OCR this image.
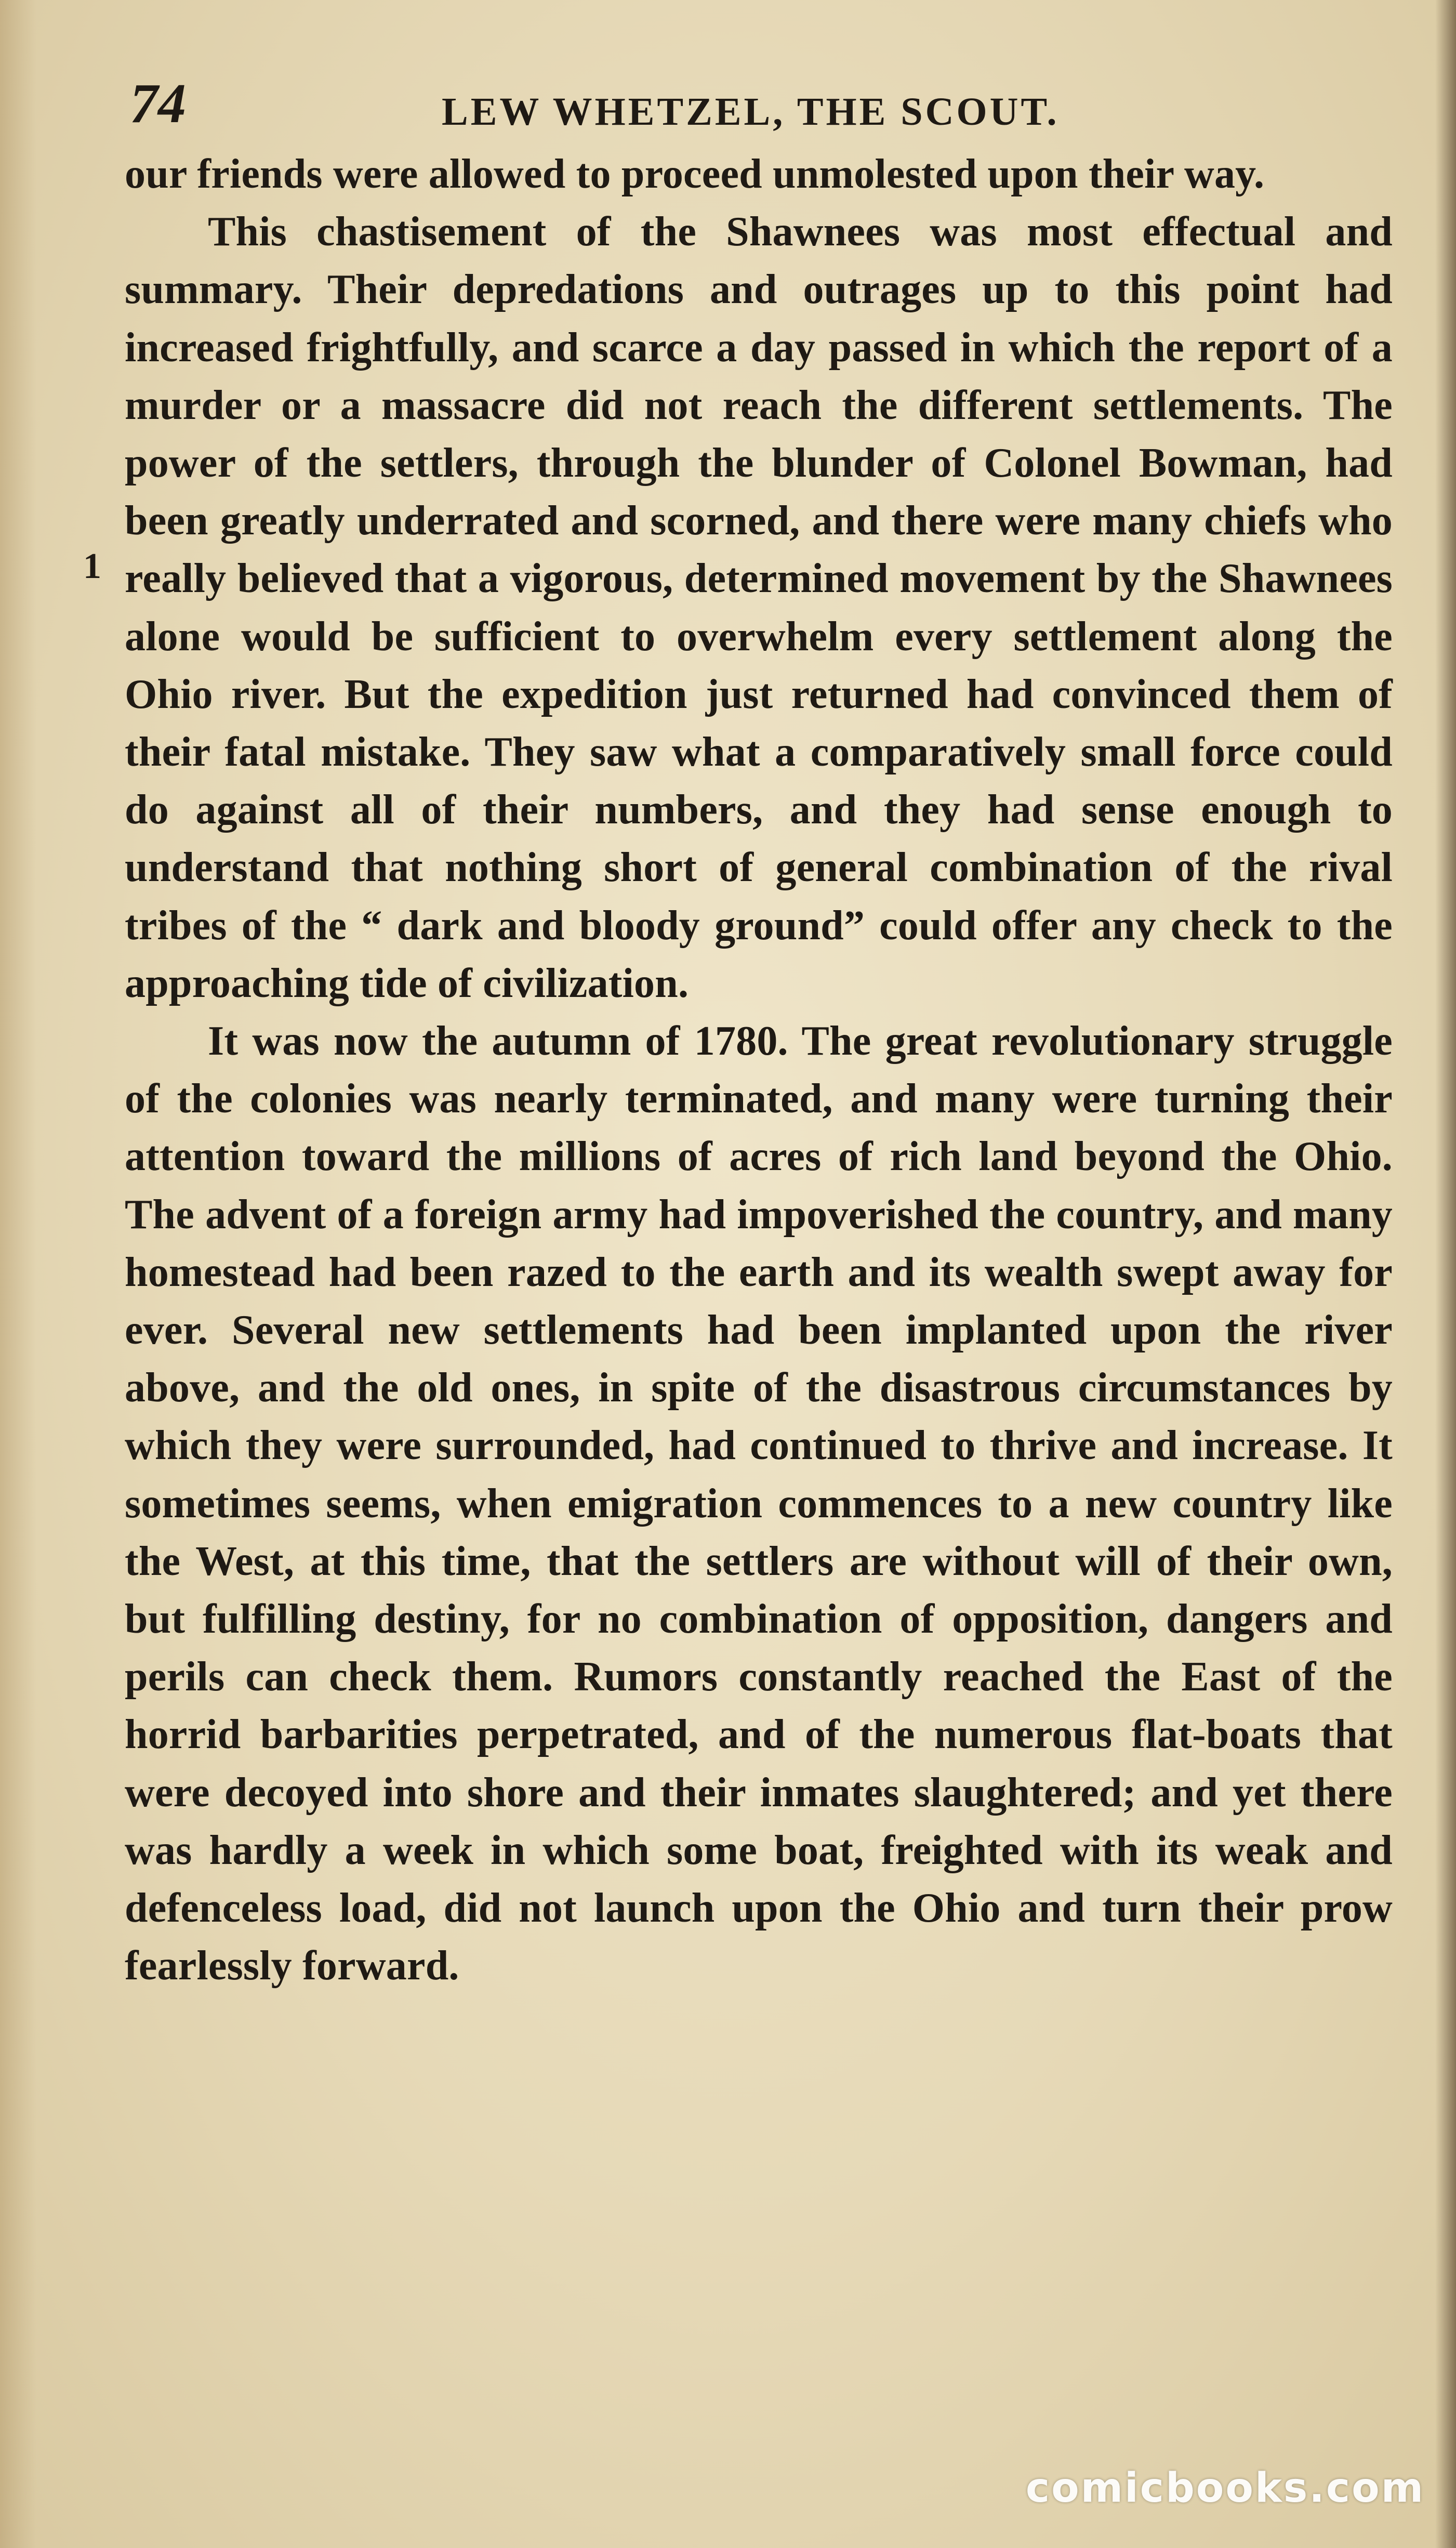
74	LEW WHETZEL, THE SCOUT.
1

our friends were allowed to proceed unmolested upon their way.

This chastisement of the Shawnees was most effectual and summary. Their depredations and outrages up to this point had increased frightfully, and scarce a day passed in which the report of a murder or a massacre did not reach the different settlements. The power of the settlers, through the blunder of Colonel Bowman, had been greatly underrated and scorned, and there were many chiefs who really believed that a vigorous, determined movement by the Shawnees alone would be sufficient to overwhelm every settlement along the Ohio river. But the expedition just returned had convinced them of their fatal mistake. They saw what a comparatively small force could do against all of their numbers, and they had sense enough to understand that nothing short of general combination of the rival tribes of the “ dark and bloody ground” could offer any check to the approaching tide of civilization.

It was now the autumn of 1780. The great revolutionary struggle of the colonies was nearly terminated, and many were turning their attention toward the millions of acres of rich land beyond the Ohio. The advent of a foreign army had impoverished the country, and many homestead had been razed to the earth and its wealth swept away for ever. Several new settlements had been implanted upon the river above, and the old ones, in spite of the disastrous circumstances by which they were surrounded, had continued to thrive and increase. It sometimes seems, when emigration commences to a new country like the West, at this time, that the settlers are without will of their own, but fulfilling destiny, for no combination of opposition, dangers and perils can check them. Rumors constantly reached the East of the horrid barbarities perpetrated, and of the numerous flat-boats that were decoyed into shore and their inmates slaughtered; and yet there was hardly a week in which some boat, freighted with its weak and defenceless load, did not launch upon the Ohio and turn their prow fearlessly forward.

comicbooks.com
